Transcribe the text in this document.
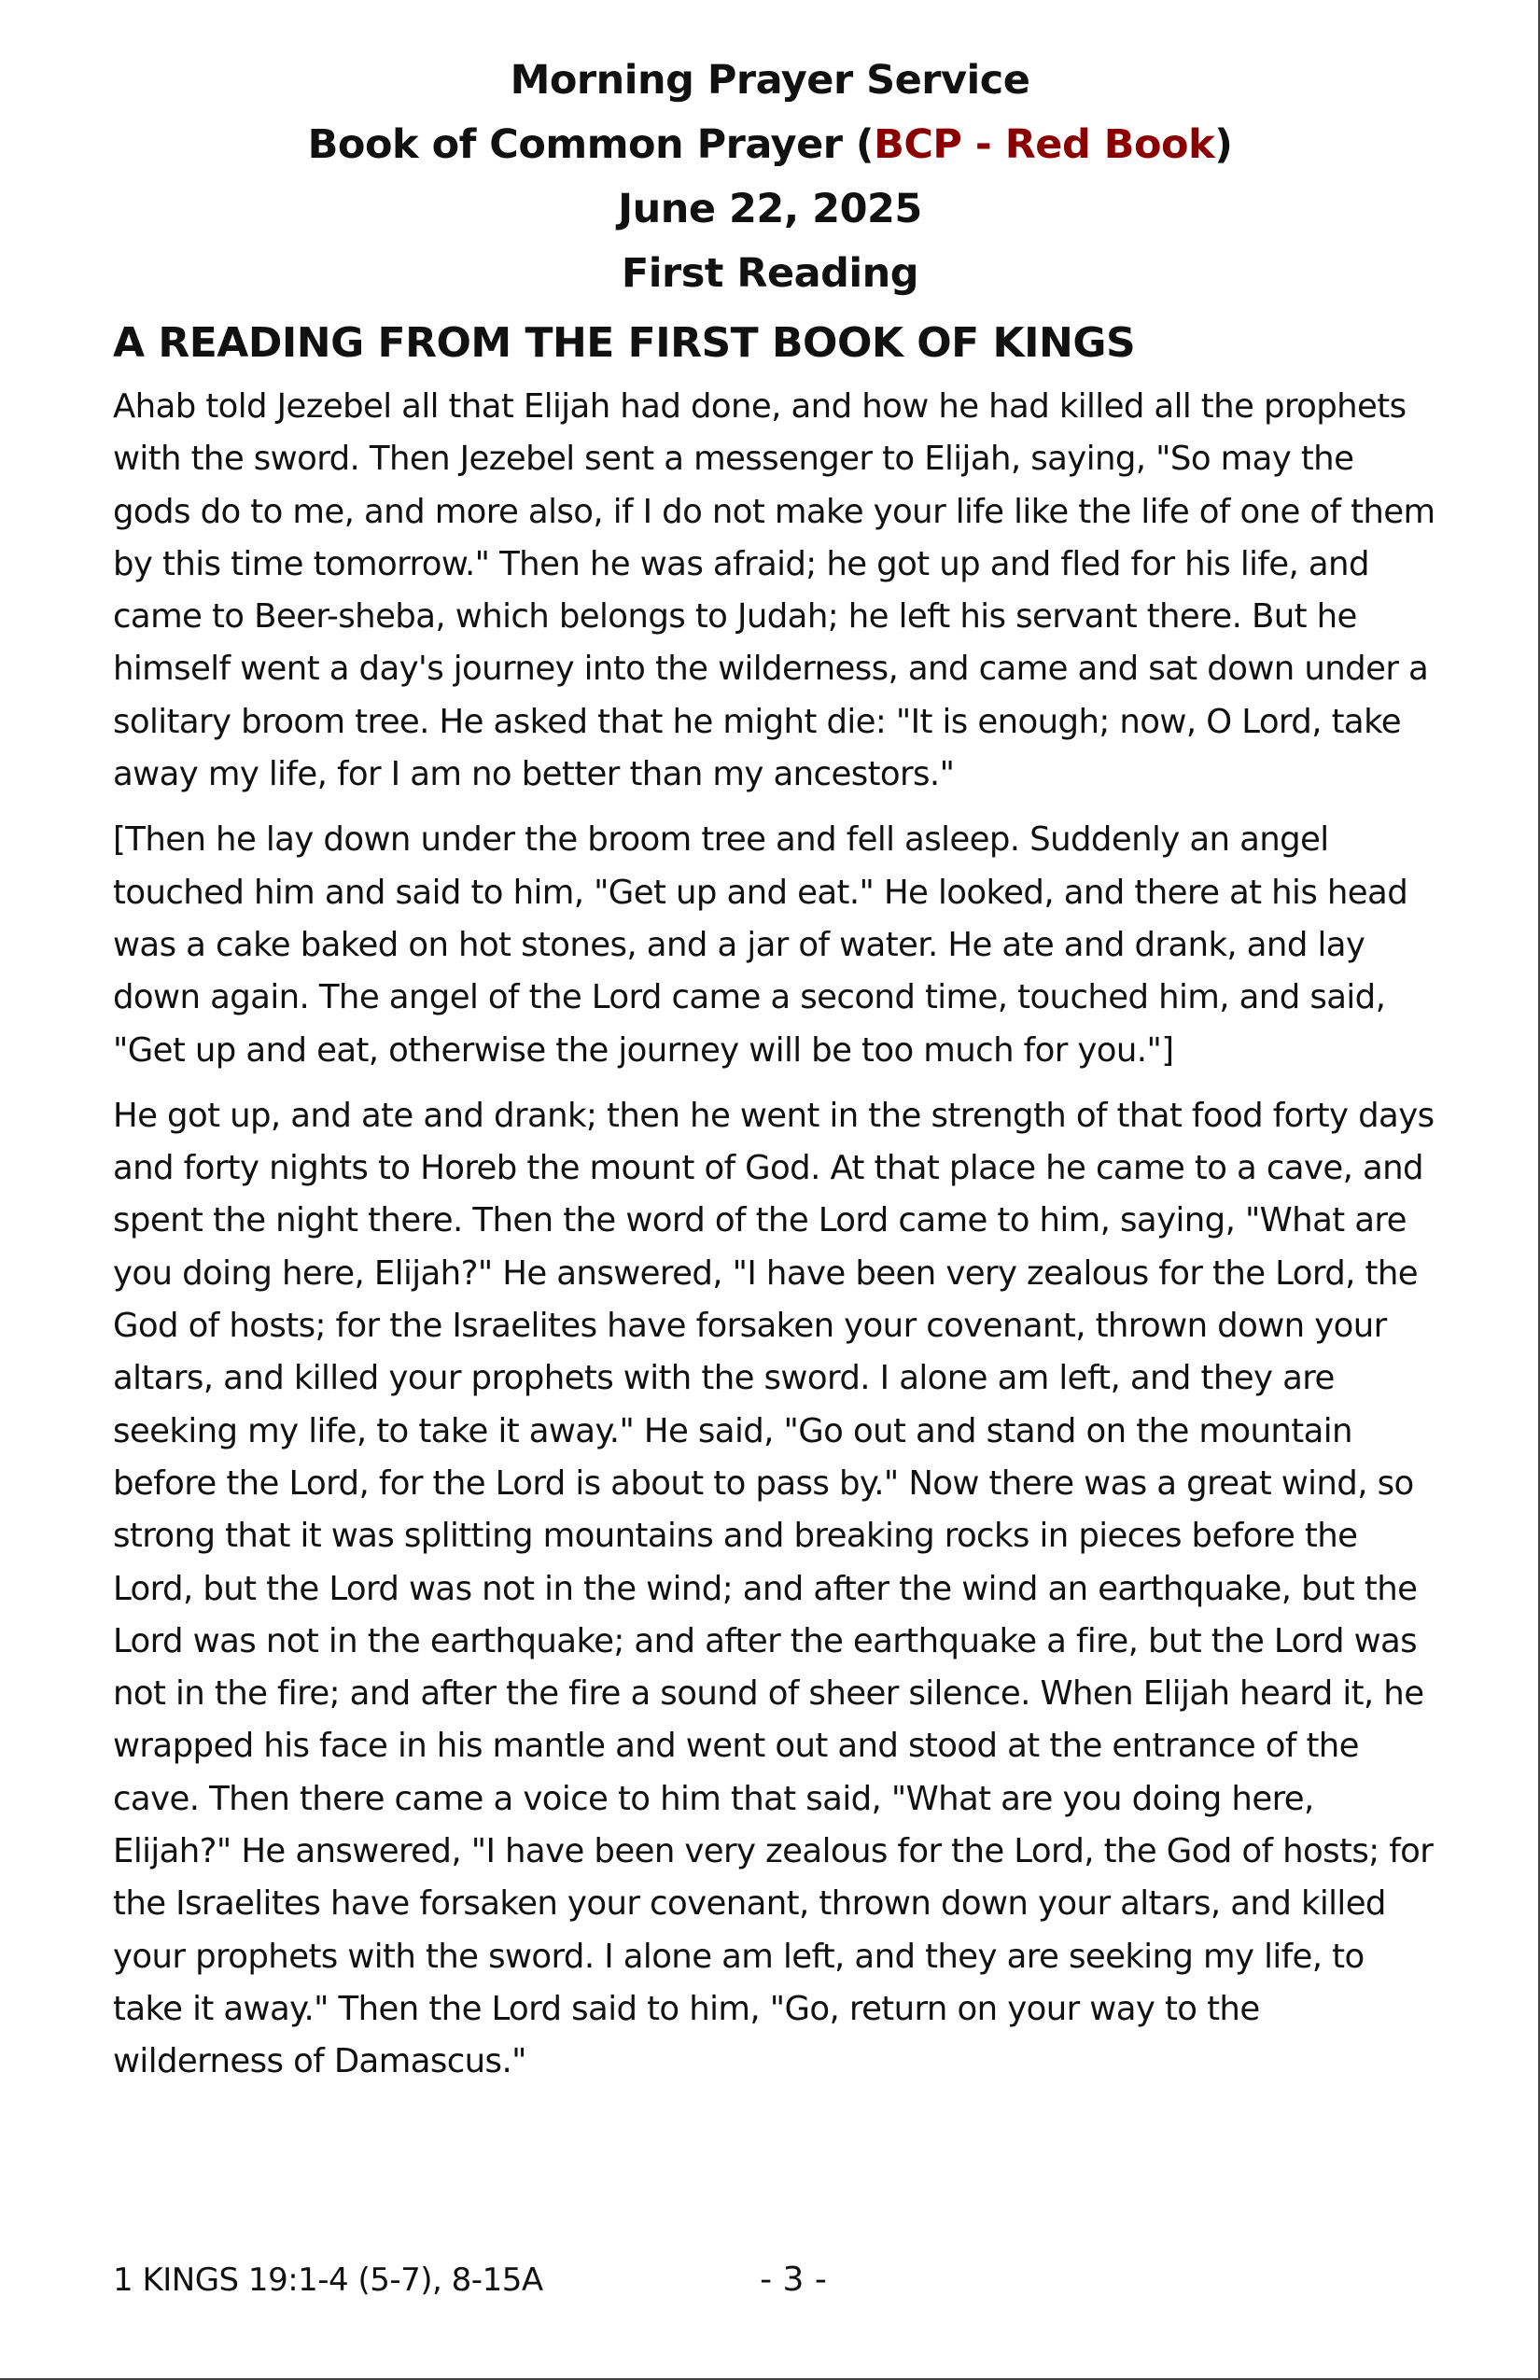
Morning Prayer Service

Book of Common Prayer (BCP - Red Book)

June 22, 2025

First Reading

A READING FROM THE FIRST BOOK OF KINGS

Ahab told Jezebel all that Elijah had done, and how he had killed all the prophets with the sword. Then Jezebel sent a messenger to Elijah, saying, "So may the gods do to me, and more also, if I do not make your life like the life of one of them by this time tomorrow." Then he was afraid; he got up and fled for his life, and came to Beer-sheba, which belongs to Judah; he left his servant there. But he himself went a day's journey into the wilderness, and came and sat down under a solitary broom tree. He asked that he might die: "It is enough; now, O Lord, take away my life, for I am no better than my ancestors."

[Then he lay down under the broom tree and fell asleep. Suddenly an angel touched him and said to him, "Get up and eat." He looked, and there at his head was a cake baked on hot stones, and a jar of water. He ate and drank, and lay down again. The angel of the Lord came a second time, touched him, and said, "Get up and eat, otherwise the journey will be too much for you."]

He got up, and ate and drank; then he went in the strength of that food forty days and forty nights to Horeb the mount of God. At that place he came to a cave, and spent the night there. Then the word of the Lord came to him, saying, "What are you doing here, Elijah?" He answered, "I have been very zealous for the Lord, the God of hosts; for the Israelites have forsaken your covenant, thrown down your altars, and killed your prophets with the sword. I alone am left, and they are seeking my life, to take it away." He said, "Go out and stand on the mountain before the Lord, for the Lord is about to pass by." Now there was a great wind, so strong that it was splitting mountains and breaking rocks in pieces before the Lord, but the Lord was not in the wind; and after the wind an earthquake, but the Lord was not in the earthquake; and after the earthquake a fire, but the Lord was not in the fire; and after the fire a sound of sheer silence. When Elijah heard it, he wrapped his face in his mantle and went out and stood at the entrance of the cave. Then there came a voice to him that said, "What are you doing here, Elijah?" He answered, "I have been very zealous for the Lord, the God of hosts; for the Israelites have forsaken your covenant, thrown down your altars, and killed your prophets with the sword. I alone am left, and they are seeking my life, to take it away." Then the Lord said to him, "Go, return on your way to the wilderness of Damascus."

1 KINGS 19:1-4 (5-7), 8-15A	- 3 -
